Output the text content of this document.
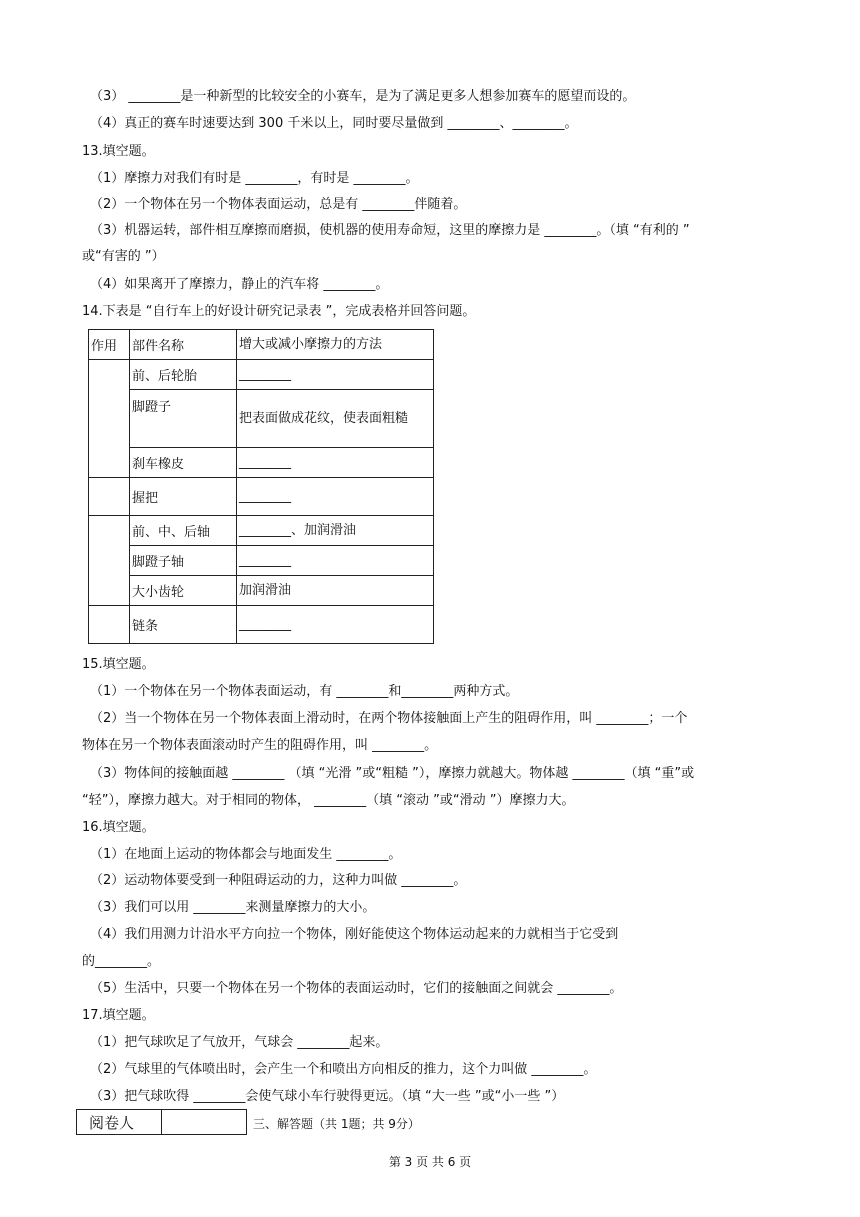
（3） ________是一种新型的比较安全的小赛车，是为了满足更多人想参加赛车的愿望而设的。
（4）真正的赛车时速要达到 300 千米以上，同时要尽量做到 ________、________。
13.填空题。
（1）摩擦力对我们有时是 ________，有时是 ________。
（2）一个物体在另一个物体表面运动，总是有 ________伴随着。
（3）机器运转，部件相互摩擦而磨损，使机器的使用寿命短，这里的摩擦力是 ________。（填 “有利的 ”
或“有害的 ”）
（4）如果离开了摩擦力，静止的汽车将 ________。
14.下表是 “自行车上的好设计研究记录表 ”，完成表格并回答问题。
作用	部件名称	增大或减小摩擦力的方法
	前、后轮胎	________
	脚蹬子	把表面做成花纹，使表面粗糙
	刹车橡皮	________
	握把	________
	前、中、后轴	________、加润滑油
	脚蹬子轴	________
	大小齿轮	加润滑油
	链条	________
15.填空题。
（1）一个物体在另一个物体表面运动，有 ________和________两种方式。
（2）当一个物体在另一个物体表面上滑动时，在两个物体接触面上产生的阻碍作用，叫 ________；一个
物体在另一个物体表面滚动时产生的阻碍作用，叫 ________。
（3）物体间的接触面越 ________ （填 “光滑 ”或“粗糙 ”），摩擦力就越大。物体越 ________（填 “重”或
“轻”），摩擦力越大。对于相同的物体， ________（填 “滚动 ”或“滑动 ”）摩擦力大。
16.填空题。
（1）在地面上运动的物体都会与地面发生 ________。
（2）运动物体要受到一种阻碍运动的力，这种力叫做 ________。
（3）我们可以用 ________来测量摩擦力的大小。
（4）我们用测力计沿水平方向拉一个物体，刚好能使这个物体运动起来的力就相当于它受到
的________。
（5）生活中，只要一个物体在另一个物体的表面运动时，它们的接触面之间就会 ________。
17.填空题。
（1）把气球吹足了气放开，气球会 ________起来。
（2）气球里的气体喷出时，会产生一个和喷出方向相反的推力，这个力叫做 ________。
（3）把气球吹得 ________会使气球小车行驶得更远。（填 “大一些 ”或“小一些 ”）
阅卷人		三、解答题（共 1题；共 9分）
第 3 页 共 6 页
